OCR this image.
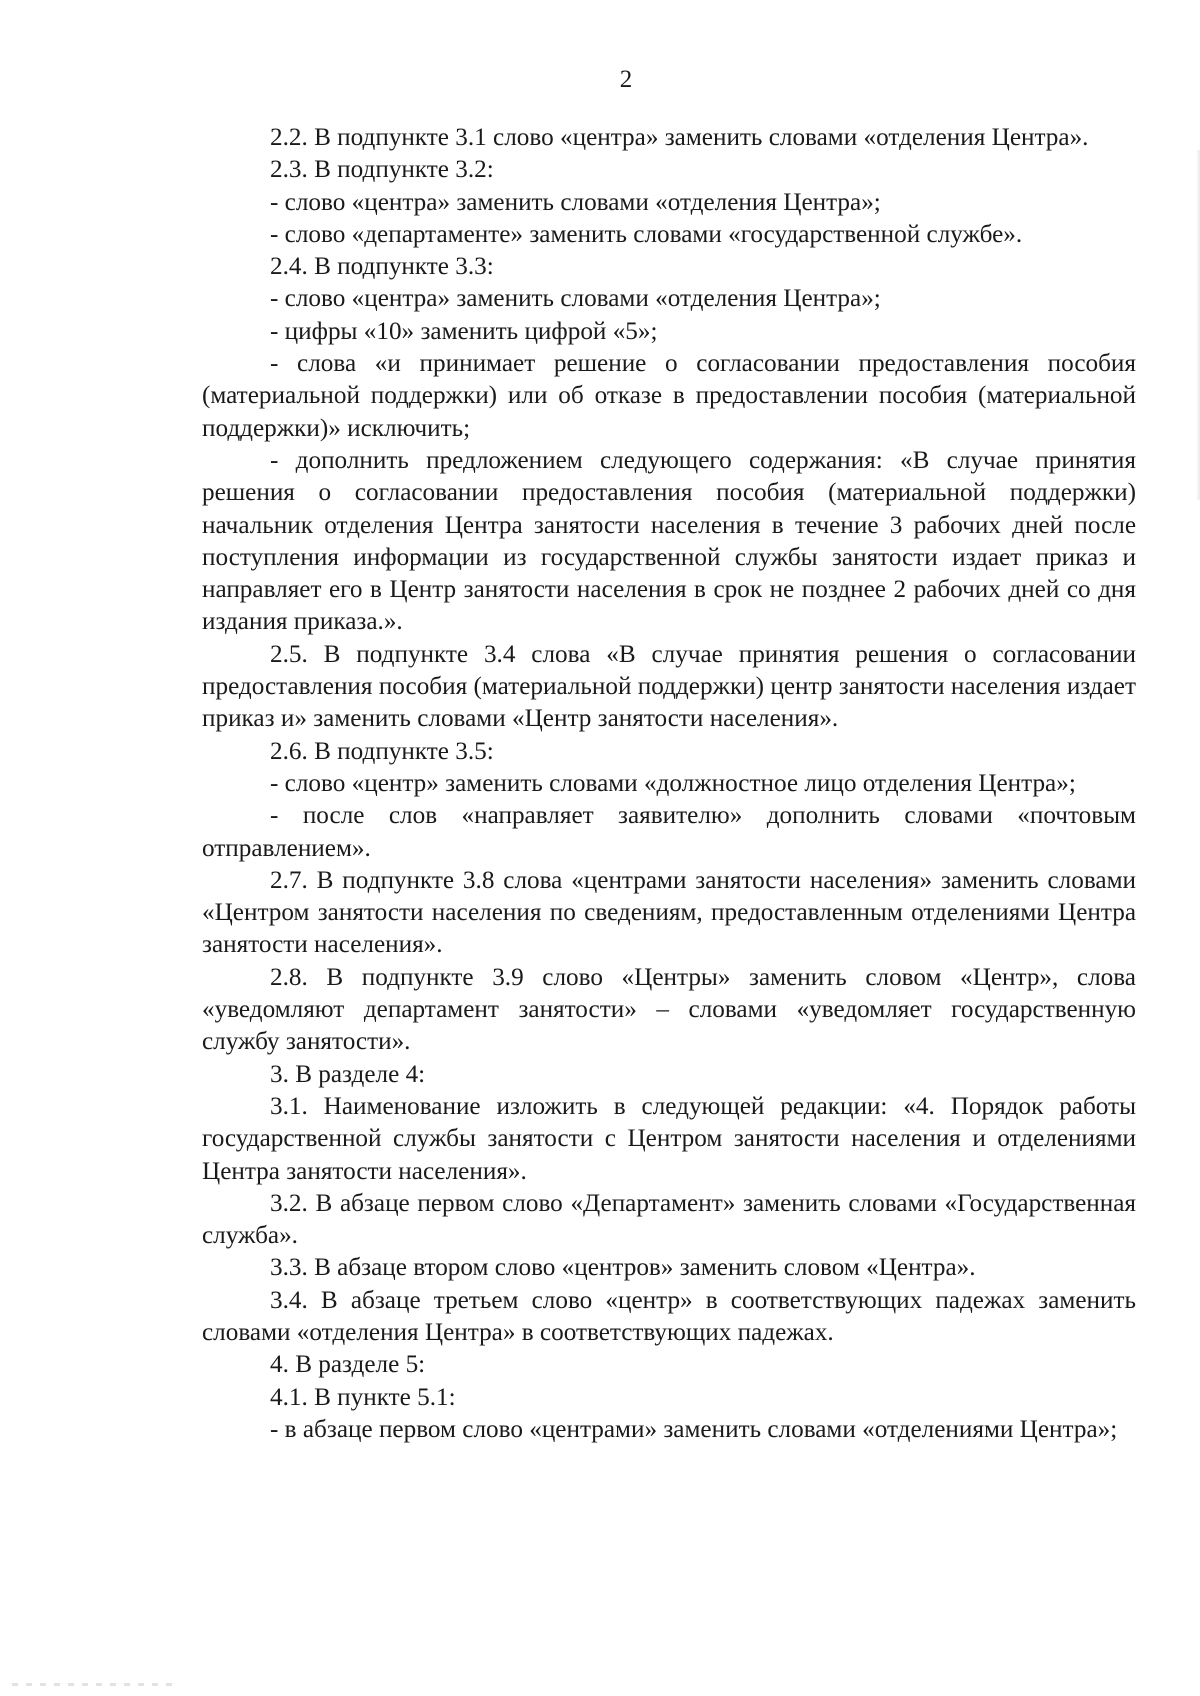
2

2.2. В подпункте 3.1 слово «центра» заменить словами «отделения Центра».

2.3. В подпункте 3.2:

- слово «центра» заменить словами «отделения Центра»;

- слово «департаменте» заменить словами «государственной службе».

2.4. В подпункте 3.3:

- слово «центра» заменить словами «отделения Центра»;

- цифры «10» заменить цифрой «5»;

- слова «и принимает решение о согласовании предоставления пособия (материальной поддержки) или об отказе в предоставлении пособия (материальной поддержки)» исключить;

- дополнить предложением следующего содержания: «В случае принятия решения о согласовании предоставления пособия (материальной поддержки) начальник отделения Центра занятости населения в течение 3 рабочих дней после поступления информации из государственной службы занятости издает приказ и направляет его в Центр занятости населения в срок не позднее 2 рабочих дней со дня издания приказа.».

2.5. В подпункте 3.4 слова «В случае принятия решения о согласовании предоставления пособия (материальной поддержки) центр занятости населения издает приказ и» заменить словами «Центр занятости населения».

2.6. В подпункте 3.5:

- слово «центр» заменить словами «должностное лицо отделения Центра»;

- после слов «направляет заявителю» дополнить словами «почтовым отправлением».

2.7. В подпункте 3.8 слова «центрами занятости населения» заменить словами «Центром занятости населения по сведениям, предоставленным отделениями Центра занятости населения».

2.8. В подпункте 3.9 слово «Центры» заменить словом «Центр», слова «уведомляют департамент занятости» – словами «уведомляет государственную службу занятости».

3. В разделе 4:

3.1. Наименование изложить в следующей редакции: «4. Порядок работы государственной службы занятости с Центром занятости населения и отделениями Центра занятости населения».

3.2. В абзаце первом слово «Департамент» заменить словами «Государственная служба».

3.3. В абзаце втором слово «центров» заменить словом «Центра».

3.4. В абзаце третьем слово «центр» в соответствующих падежах заменить словами «отделения Центра» в соответствующих падежах.

4. В разделе 5:

4.1. В пункте 5.1:

- в абзаце первом слово «центрами» заменить словами «отделениями Центра»;
